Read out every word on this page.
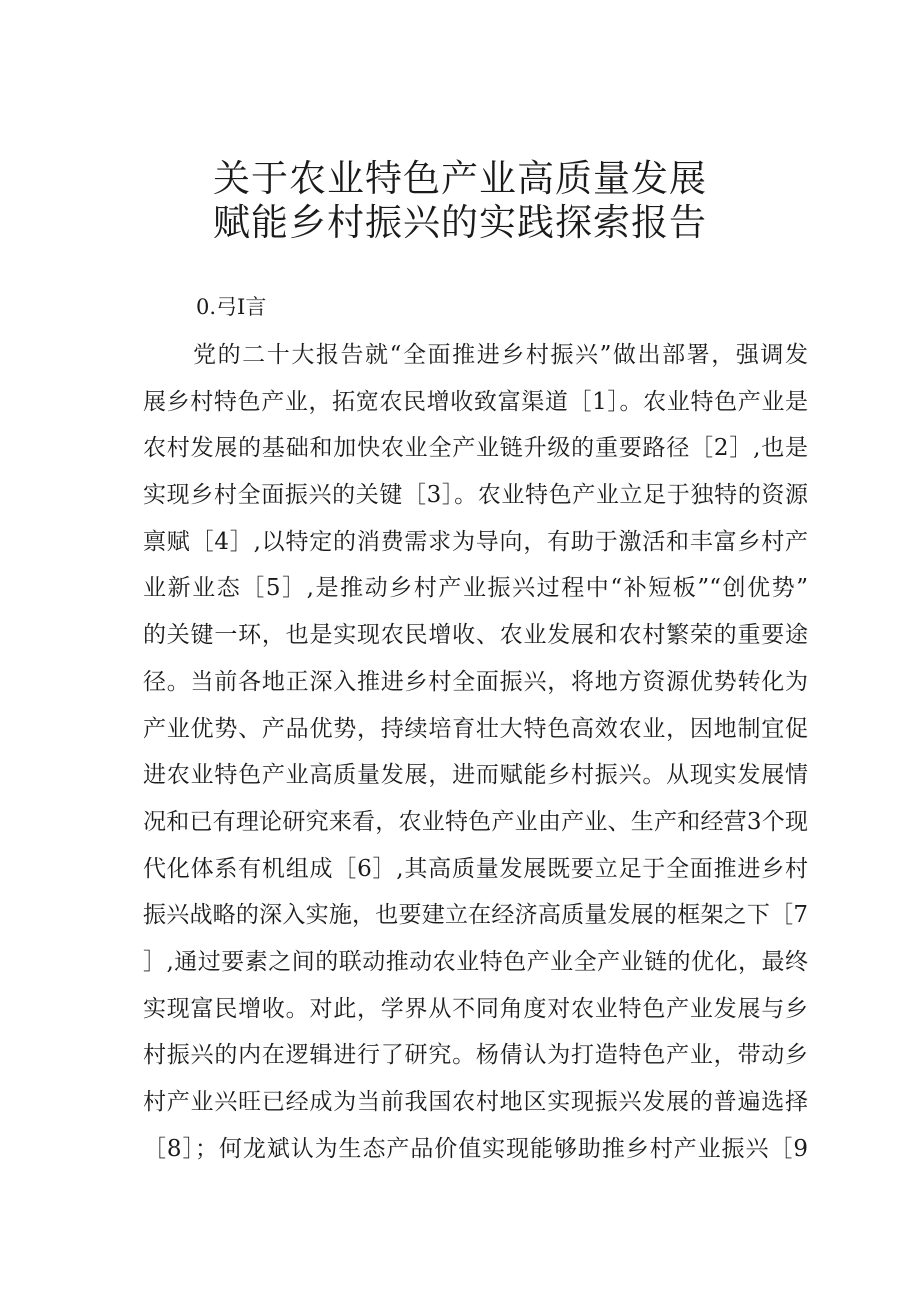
关于农业特色产业高质量发展
赋能乡村振兴的实践探索报告
0.弓I言
党的二十大报告就“全面推进乡村振兴”做出部署，强调发
展乡村特色产业，拓宽农民增收致富渠道［1］。农业特色产业是
农村发展的基础和加快农业全产业链升级的重要路径［2］,也是
实现乡村全面振兴的关键［3］。农业特色产业立足于独特的资源
禀赋［4］,以特定的消费需求为导向，有助于激活和丰富乡村产
业新业态［5］,是推动乡村产业振兴过程中“补短板”“创优势”
的关键一环，也是实现农民增收、农业发展和农村繁荣的重要途
径。当前各地正深入推进乡村全面振兴，将地方资源优势转化为
产业优势、产品优势，持续培育壮大特色高效农业，因地制宜促
进农业特色产业高质量发展，进而赋能乡村振兴。从现实发展情
况和已有理论研究来看，农业特色产业由产业、生产和经营3个现
代化体系有机组成［6］,其高质量发展既要立足于全面推进乡村
振兴战略的深入实施，也要建立在经济高质量发展的框架之下［7
］,通过要素之间的联动推动农业特色产业全产业链的优化，最终
实现富民增收。对此，学界从不同角度对农业特色产业发展与乡
村振兴的内在逻辑进行了研究。杨倩认为打造特色产业，带动乡
村产业兴旺已经成为当前我国农村地区实现振兴发展的普遍选择
［8］；何龙斌认为生态产品价值实现能够助推乡村产业振兴［9
